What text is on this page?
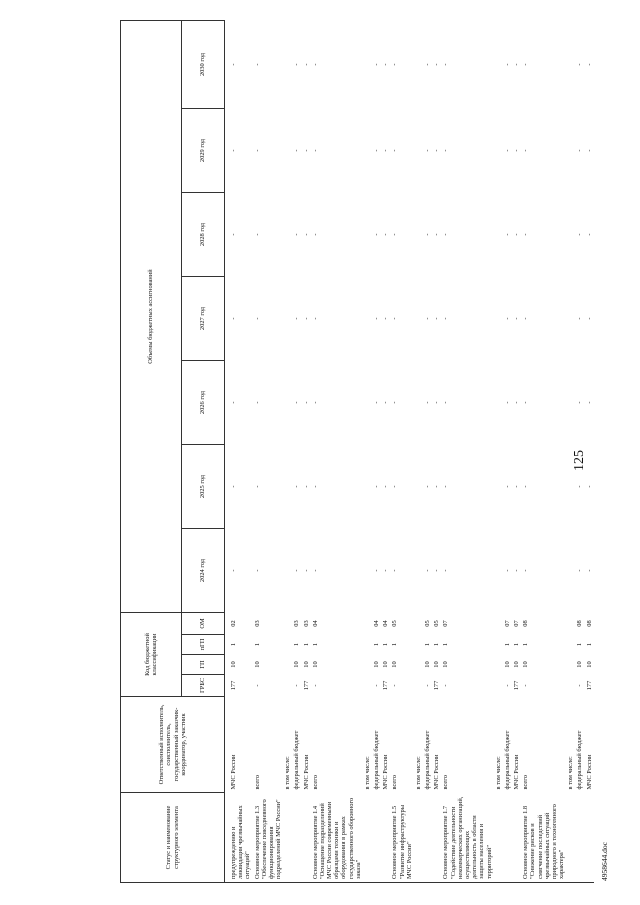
125
4958644.doc
Статус и наименование структурного элемента	Ответственный исполнитель, соисполнитель, государственный заказчик-координатор, участник	Код бюджетной классификации				Объемы бюджетных ассигнований						
		ГРБС	ГП	пГП	ОМ	2024 год	2025 год	2026 год	2027 год	2028 год	2029 год	2030 год
предупреждению и ликвидации чрезвычайных ситуаций"	МЧС России	177	10	1	02	-	-	-	-	-	-	-
Основное мероприятие 1.3 "Обеспечение повседневного функционирования подразделений МЧС России"	всего	-	10	1	03	-	-	-	-	-	-	-
	в том числе:											
	федеральный бюджет	-	10	1	03	-	-	-	-	-	-	-
	МЧС России	177	10	1	03	-	-	-	-	-	-	-
Основное мероприятие 1.4 "Оснащение подразделений МЧС России современными образцами техники и оборудования в рамках государственного оборонного заказа"	всего	-	10	1	04	-	-	-	-	-	-	-
	в том числе:											
	федеральный бюджет	-	10	1	04	-	-	-	-	-	-	-
	МЧС России	177	10	1	04	-	-	-	-	-	-	-
Основное мероприятие 1.5 "Развитие инфраструктуры МЧС России"	всего	-	10	1	05	-	-	-	-	-	-	-
	в том числе:											
	федеральный бюджет	-	10	1	05	-	-	-	-	-	-	-
	МЧС России	177	10	1	05	-	-	-	-	-	-	-
Основное мероприятие 1.7 "Содействие деятельности некоммерческих организаций, осуществляющих деятельность в области защиты населения и территорий"	всего	-	10	1	07	-	-	-	-	-	-	-
	в том числе:											
	федеральный бюджет	-	10	1	07	-	-	-	-	-	-	-
	МЧС России	177	10	1	07	-	-	-	-	-	-	-
Основное мероприятие 1.8 "Снижение рисков и смягчение последствий чрезвычайных ситуаций природного и техногенного характера"	всего	-	10	1	08	-	-	-	-	-	-	-
	в том числе:											
	федеральный бюджет	-	10	1	08	-	-	-	-	-	-	-
	МЧС России	177	10	1	08	-	-	-	-	-	-	-
